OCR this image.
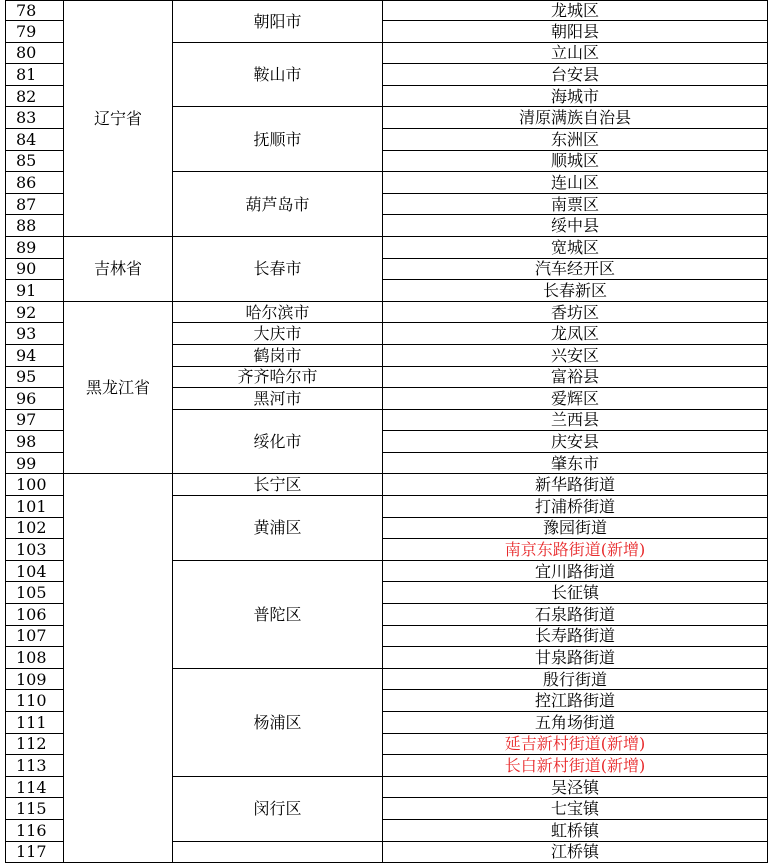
78	辽宁省	朝阳市	龙城区
79			朝阳县
80		鞍山市	立山区
81			台安县
82			海城市
83		抚顺市	清原满族自治县
84			东洲区
85			顺城区
86		葫芦岛市	连山区
87			南票区
88			绥中县
89	吉林省	长春市	宽城区
90			汽车经开区
91			长春新区
92	黑龙江省	哈尔滨市	香坊区
93		大庆市	龙凤区
94		鹤岗市	兴安区
95		齐齐哈尔市	富裕县
96		黑河市	爱辉区
97		绥化市	兰西县
98			庆安县
99			肇东市
100		长宁区	新华路街道
101		黄浦区	打浦桥街道
102			豫园街道
103			南京东路街道(新增)
104		普陀区	宜川路街道
105			长征镇
106			石泉路街道
107			长寿路街道
108			甘泉路街道
109		杨浦区	殷行街道
110			控江路街道
111			五角场街道
112			延吉新村街道(新增)
113			长白新村街道(新增)
114		闵行区	吴泾镇
115			七宝镇
116			虹桥镇
117			江桥镇
